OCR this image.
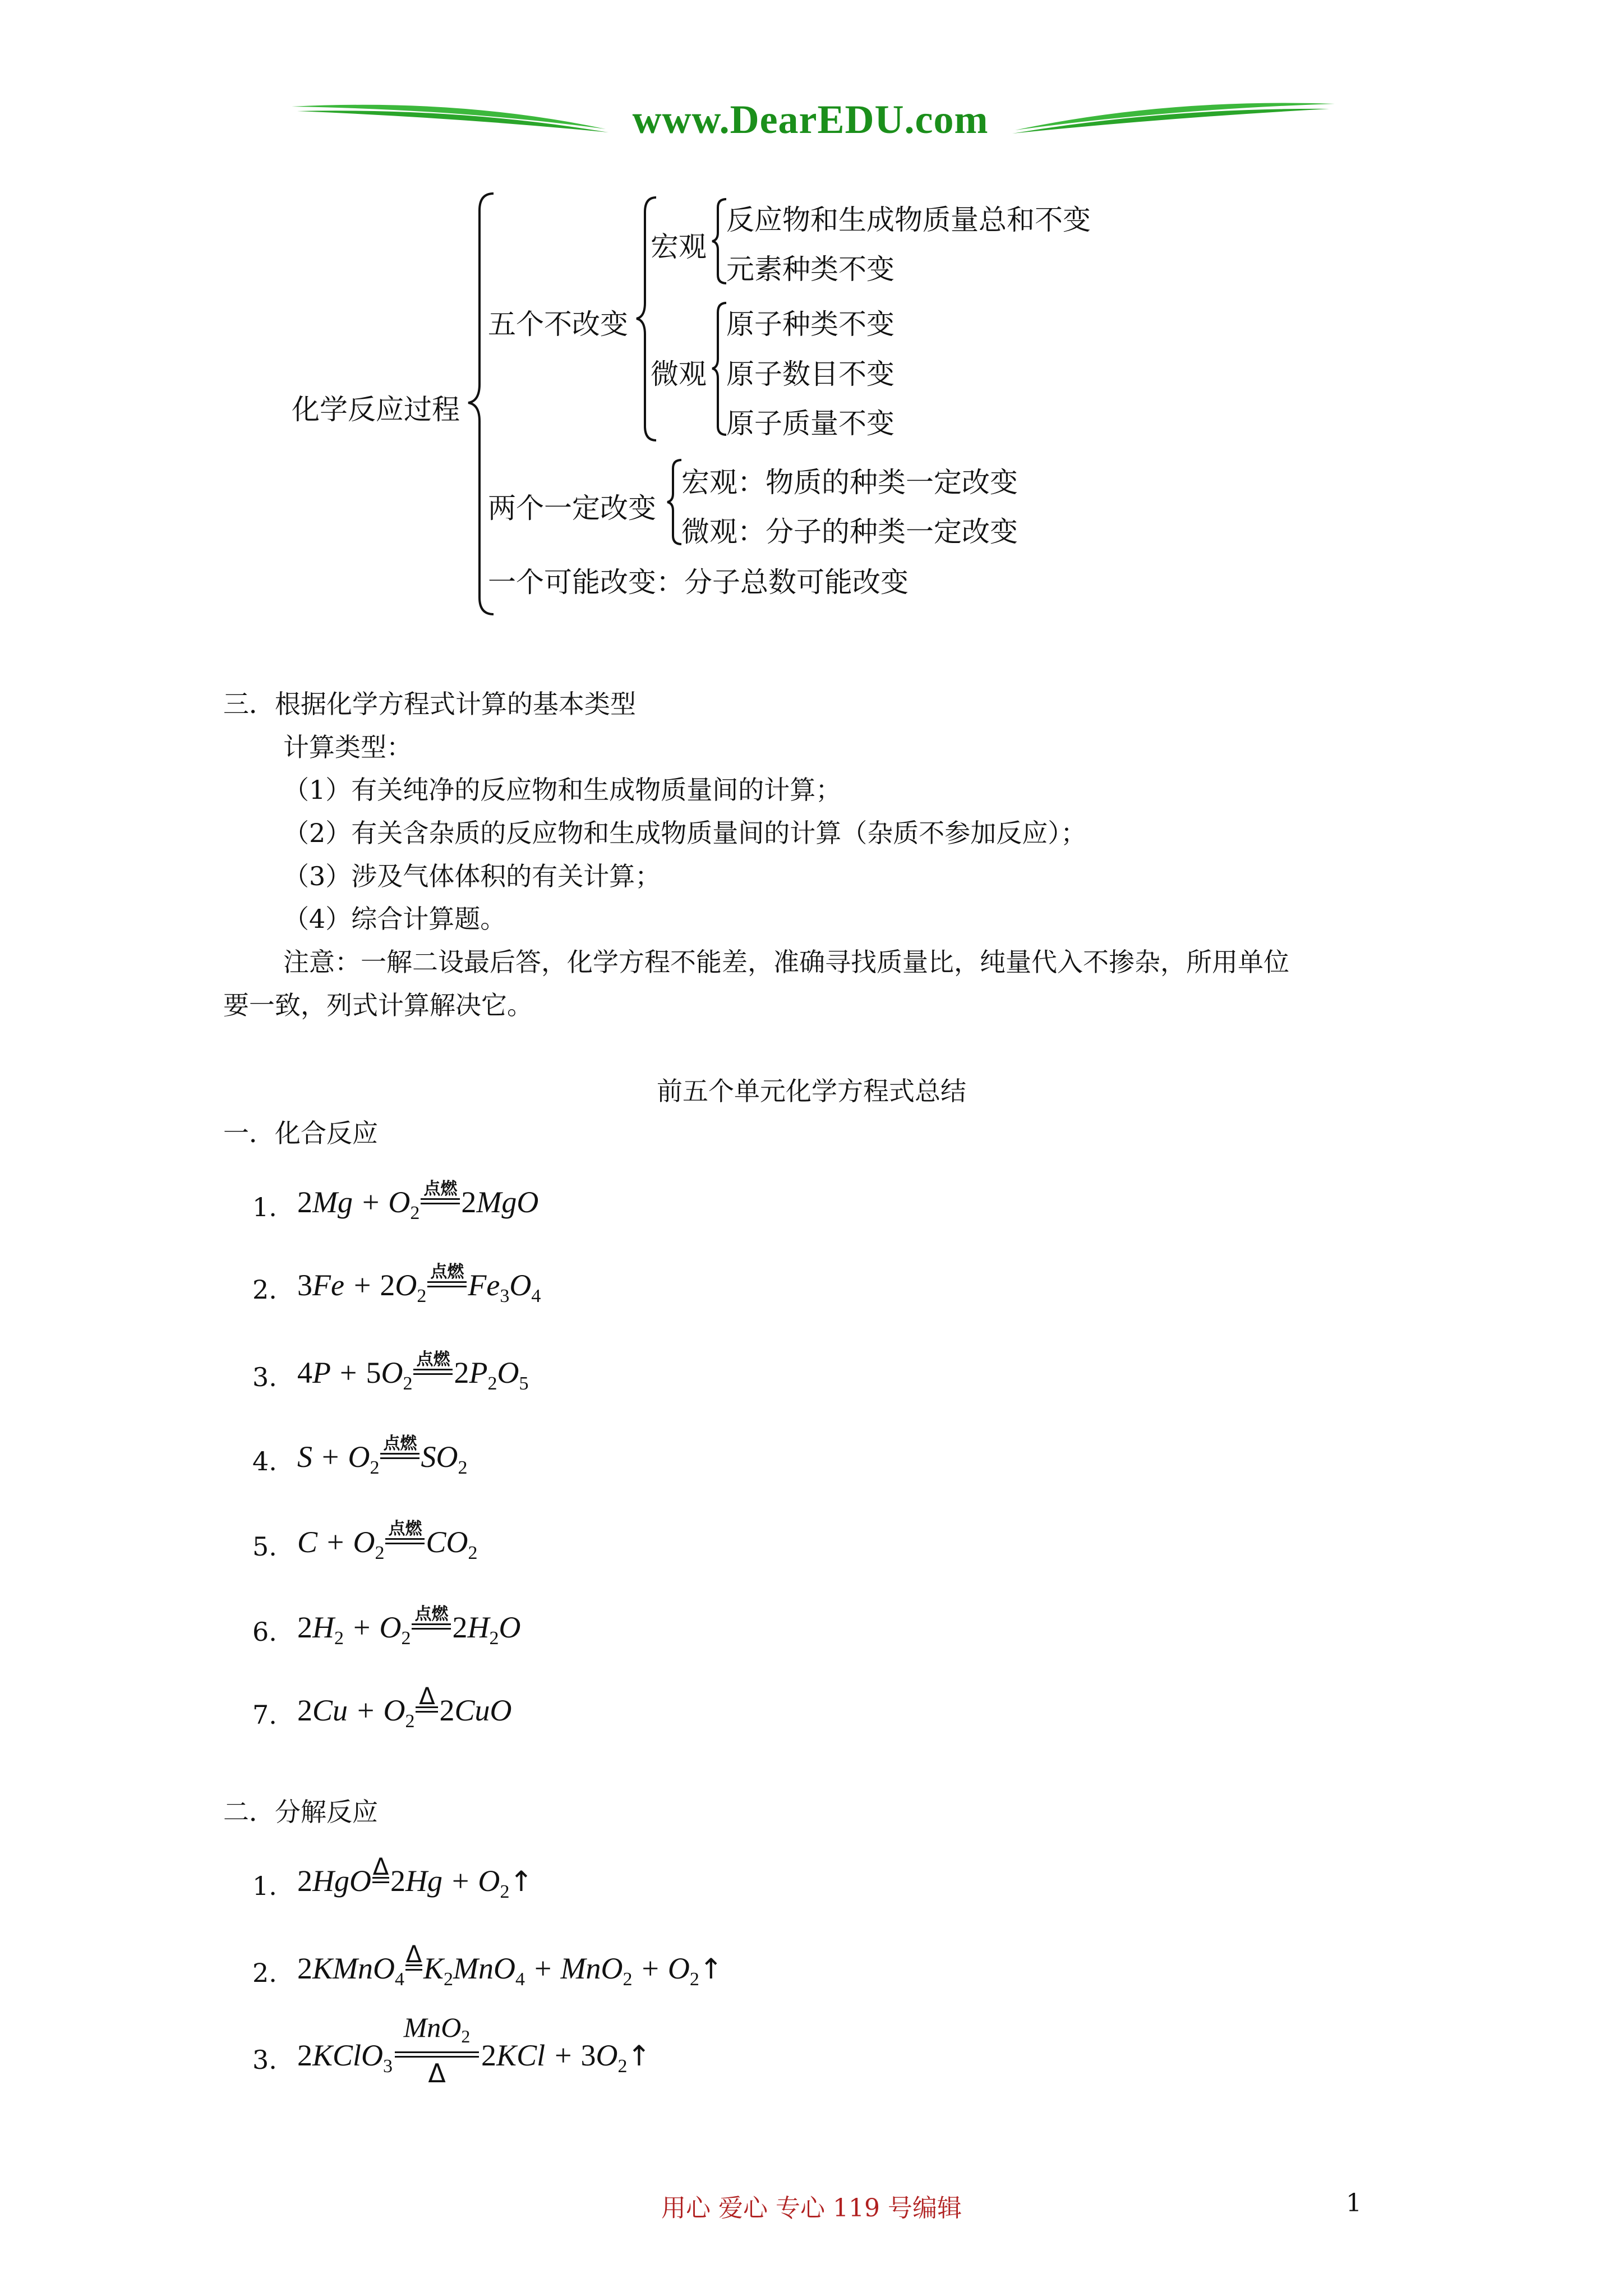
www.DearEDU.com
化学反应过程
五个不改变
宏观
反应物和生成物质量总和不变
元素种类不变
微观
原子种类不变
原子数目不变
原子质量不变
两个一定改变
宏观：物质的种类一定改变
微观：分子的种类一定改变
一个可能改变：分子总数可能改变
三．根据化学方程式计算的基本类型
计算类型：
（1）有关纯净的反应物和生成物质量间的计算；
（2）有关含杂质的反应物和生成物质量间的计算（杂质不参加反应）；
（3）涉及气体体积的有关计算；
（4）综合计算题。
注意：一解二设最后答，化学方程不能差，准确寻找质量比，纯量代入不掺杂，所用单位
要一致，列式计算解决它。
前五个单元化学方程式总结
一．化合反应
1. $2Mg + O_2$
点燃 2MgO
2. $3Fe + 2O_2$
点燃 $Fe_3O_4$
3. $4P + 5O_2$
点燃 $2P_2O_5$
4. $S + O_2$
点燃 $SO_2$
5. $C + O_2$
点燃 $CO_2$
6. $2H_2 + O_2$
点燃 $2H_2O$
7. $2Cu + O_2$
Δ 2CuO
二．分解反应
1. 2HgO Δ $2Hg + O_2↑$
2. 2KMnO$_4$
Δ $K_2MnO_4 + MnO_2$ + $O_2↑$
3. 2KClO$_3$
MnO$_2$
Δ
$2KCl + 3O_2↑$
用心 爱心 专心 119 号编辑	1
